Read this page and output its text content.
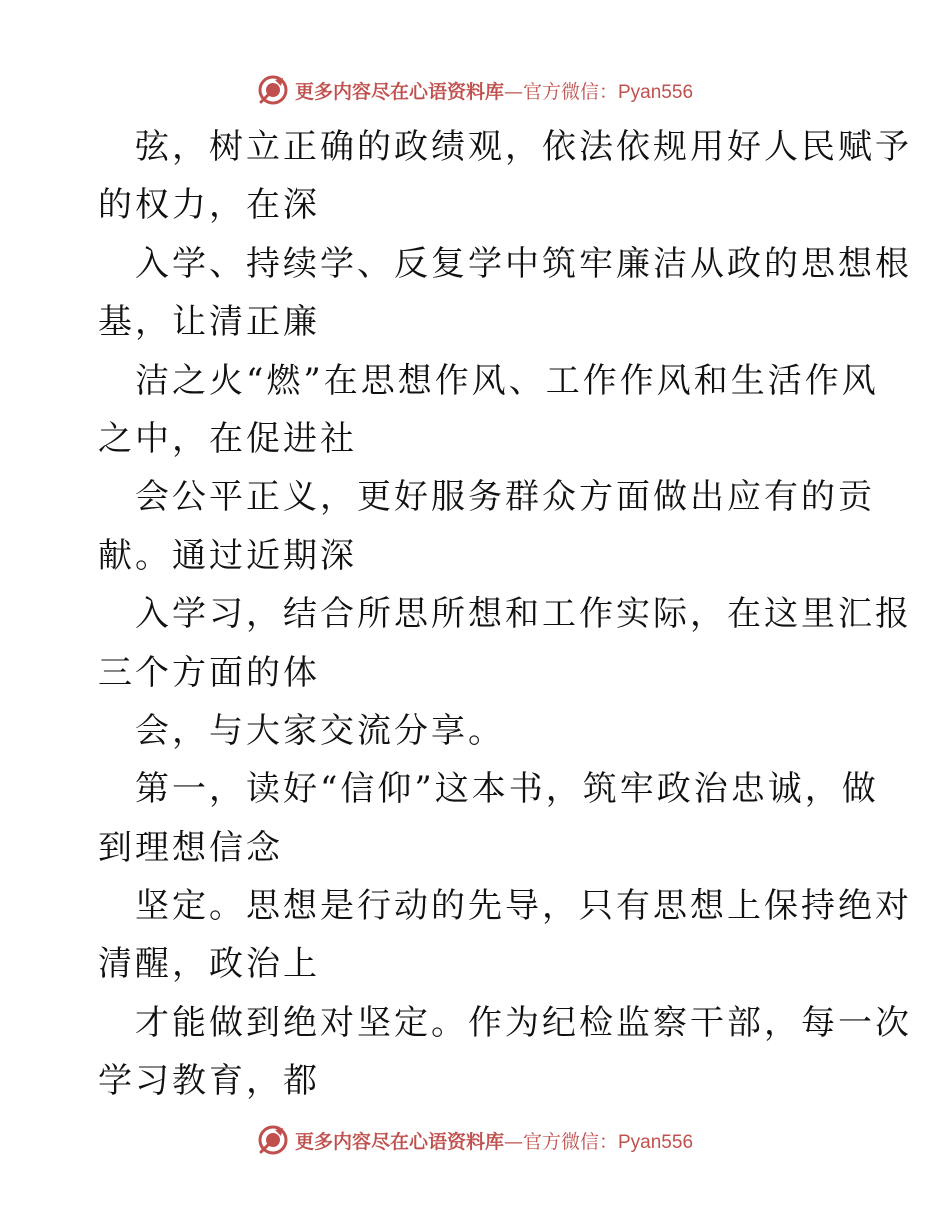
更多内容尽在心语资料库—官方微信：Pyan556
弦，树立正确的政绩观，依法依规用好人民赋予
的权力，在深
入学、持续学、反复学中筑牢廉洁从政的思想根
基，让清正廉
洁之火“燃”在思想作风、工作作风和生活作风
之中，在促进社
会公平正义，更好服务群众方面做出应有的贡
献。通过近期深
入学习，结合所思所想和工作实际，在这里汇报
三个方面的体
会，与大家交流分享。
第一，读好“信仰”这本书，筑牢政治忠诚，做
到理想信念
坚定。思想是行动的先导，只有思想上保持绝对
清醒，政治上
才能做到绝对坚定。作为纪检监察干部，每一次
学习教育，都
更多内容尽在心语资料库—官方微信：Pyan556
